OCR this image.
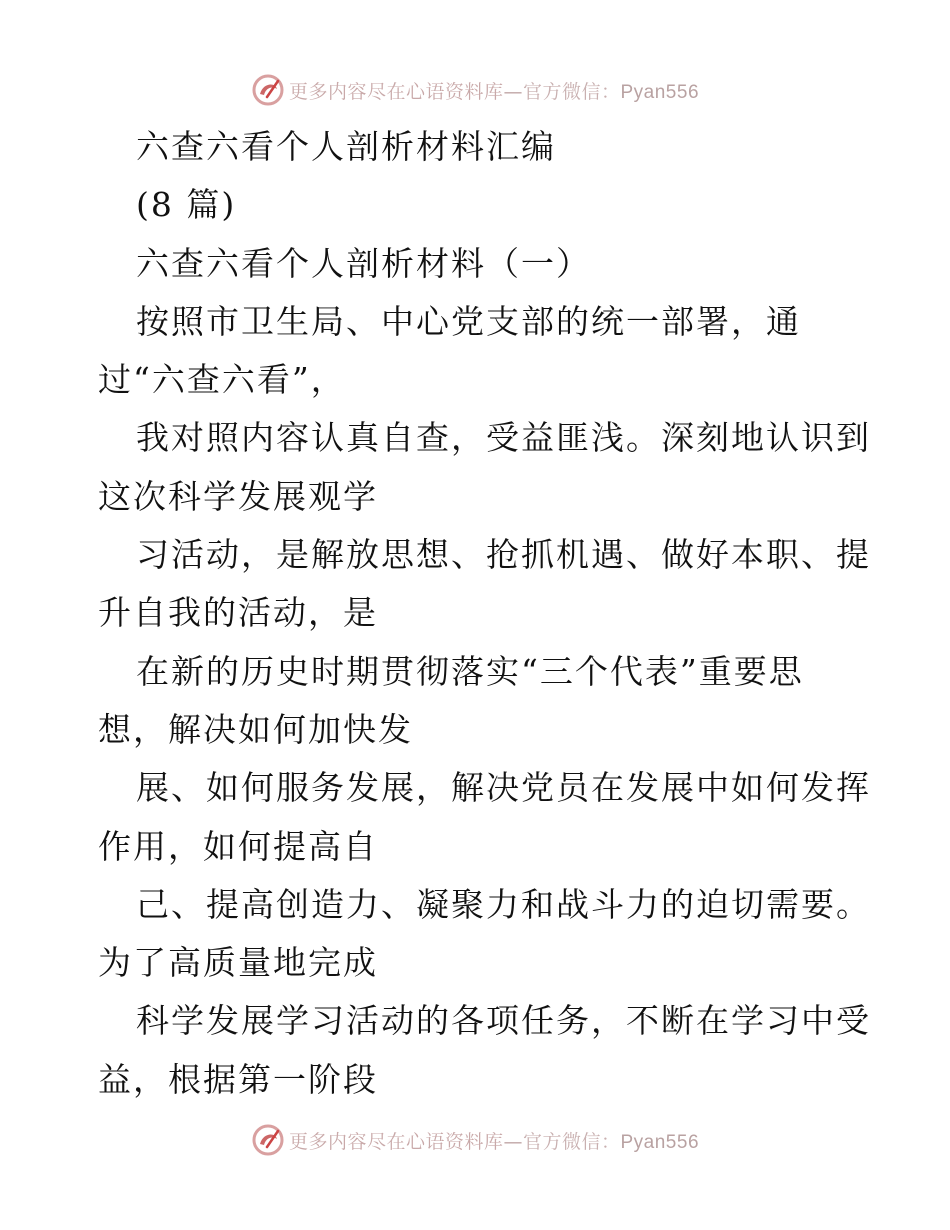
更多内容尽在心语资料库—官方微信：Pyan556
六查六看个人剖析材料汇编
(8 篇)
六查六看个人剖析材料（一）
按照市卫生局、中心党支部的统一部署，通
过“六查六看”，
我对照内容认真自查，受益匪浅。深刻地认识到
这次科学发展观学
习活动，是解放思想、抢抓机遇、做好本职、提
升自我的活动，是
在新的历史时期贯彻落实“三个代表”重要思
想，解决如何加快发
展、如何服务发展，解决党员在发展中如何发挥
作用，如何提高自
己、提高创造力、凝聚力和战斗力的迫切需要。
为了高质量地完成
科学发展学习活动的各项任务，不断在学习中受
益，根据第一阶段
更多内容尽在心语资料库—官方微信：Pyan556
